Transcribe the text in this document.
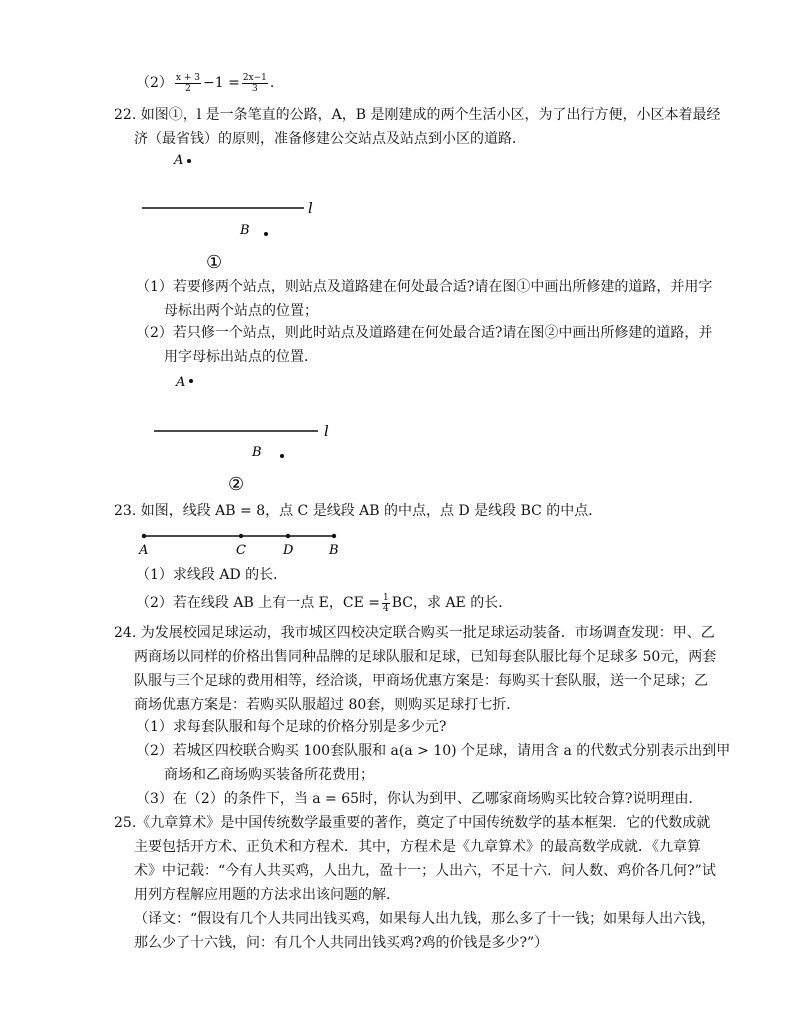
$(2) \frac{x + 3}{2} -1 = \frac{2x-1}{3}$ .
22. 如图①，l 是一条笔直的公路，A，B 是刚建成的两个生活小区，为了出行方便，小区本着最经
济（最省钱）的原则，准备修建公交站点及站点到小区的道路．
A
l
B
①
（1）若要修两个站点，则站点及道路建在何处最合适?请在图①中画出所修建的道路，并用字
母标出两个站点的位置；
（2）若只修一个站点，则此时站点及道路建在何处最合适?请在图②中画出所修建的道路，并
用字母标出站点的位置．
A
l
B
②
23. 如图，线段 AB = 8，点 C 是线段 AB 的中点，点 D 是线段 BC 的中点．
A	C	D	B
（1）求线段 AD 的长．
（2）若在线段 AB 上有一点 E，CE = $\frac{1}{4}$ BC，求 AE 的长．
24. 为发展校园足球运动，我市城区四校决定联合购买一批足球运动装备．市场调查发现：甲、乙
两商场以同样的价格出售同种品牌的足球队服和足球，已知每套队服比每个足球多 50元，两套
队服与三个足球的费用相等，经洽谈，甲商场优惠方案是：每购买十套队服，送一个足球；乙
商场优惠方案是：若购买队服超过 80套，则购买足球打七折．
（1）求每套队服和每个足球的价格分别是多少元?
（2）若城区四校联合购买 100套队服和 a(a > 10) 个足球，请用含 a 的代数式分别表示出到甲
商场和乙商场购买装备所花费用；
（3）在（2）的条件下，当 a = 65时，你认为到甲、乙哪家商场购买比较合算?说明理由．
25.《九章算术》是中国传统数学最重要的著作，奠定了中国传统数学的基本框架．它的代数成就
主要包括开方术、正负术和方程术．其中，方程术是《九章算术》的最高数学成就．《九章算
术》中记载：“今有人共买鸡，人出九，盈十一；人出六，不足十六．问人数、鸡价各几何?”试
用列方程解应用题的方法求出该问题的解．
（译文：“假设有几个人共同出钱买鸡，如果每人出九钱，那么多了十一钱；如果每人出六钱，
那么少了十六钱，问：有几个人共同出钱买鸡?鸡的价钱是多少?”）
